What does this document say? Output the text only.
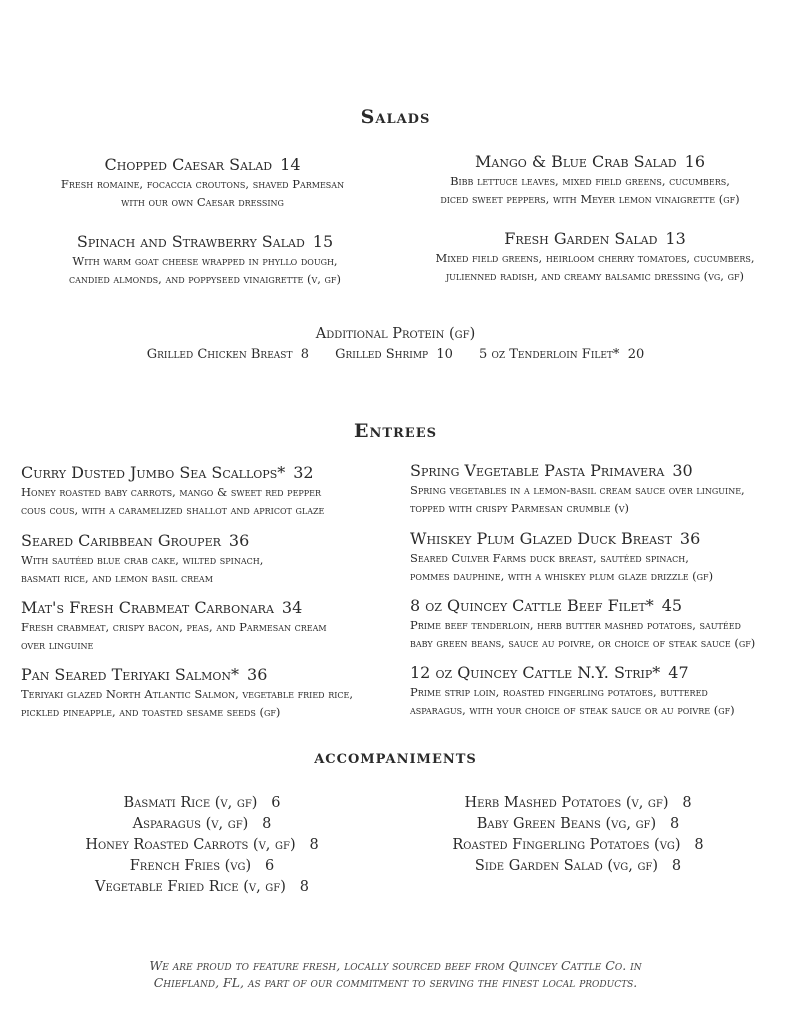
Salads
Chopped Caesar Salad 14
Fresh romaine, focaccia croutons, shaved Parmesan
with our own Caesar dressing
Mango & Blue Crab Salad 16
Bibb lettuce leaves, mixed field greens, cucumbers,
diced sweet peppers, with Meyer lemon vinaigrette (gf)
Spinach and Strawberry Salad 15
With warm goat cheese wrapped in phyllo dough,
candied almonds, and poppyseed vinaigrette (v, gf)
Fresh Garden Salad 13
Mixed field greens, heirloom cherry tomatoes, cucumbers,
julienned radish, and creamy balsamic dressing (vg, gf)
Additional Protein (gf)
Grilled Chicken Breast 8 Grilled Shrimp 10 5 oz Tenderloin Filet* 20
Entrees
Curry Dusted Jumbo Sea Scallops* 32
Honey roasted baby carrots, mango & sweet red pepper
cous cous, with a caramelized shallot and apricot glaze
Spring Vegetable Pasta Primavera 30
Spring vegetables in a lemon-basil cream sauce over linguine,
topped with crispy Parmesan crumble (v)
Seared Caribbean Grouper 36
With sautéed blue crab cake, wilted spinach,
basmati rice, and lemon basil cream
Whiskey Plum Glazed Duck Breast 36
Seared Culver Farms duck breast, sautéed spinach,
pommes dauphine, with a whiskey plum glaze drizzle (gf)
Mat's Fresh Crabmeat Carbonara 34
Fresh crabmeat, crispy bacon, peas, and Parmesan cream
over linguine
8 oz Quincey Cattle Beef Filet* 45
Prime beef tenderloin, herb butter mashed potatoes, sautéed
baby green beans, sauce au poivre, or choice of steak sauce (gf)
Pan Seared Teriyaki Salmon* 36
Teriyaki glazed North Atlantic Salmon, vegetable fried rice,
pickled pineapple, and toasted sesame seeds (gf)
12 oz Quincey Cattle N.Y. Strip* 47
Prime strip loin, roasted fingerling potatoes, buttered
asparagus, with your choice of steak sauce or au poivre (gf)
accompaniments
Basmati Rice (v, gf) 6
Asparagus (v, gf) 8
Honey Roasted Carrots (v, gf) 8
French Fries (vg) 6
Vegetable Fried Rice (v, gf) 8
Herb Mashed Potatoes (v, gf) 8
Baby Green Beans (vg, gf) 8
Roasted Fingerling Potatoes (vg) 8
Side Garden Salad (vg, gf) 8
We are proud to feature fresh, locally sourced beef from Quincey Cattle Co. in
Chiefland, FL, as part of our commitment to serving the finest local products.
